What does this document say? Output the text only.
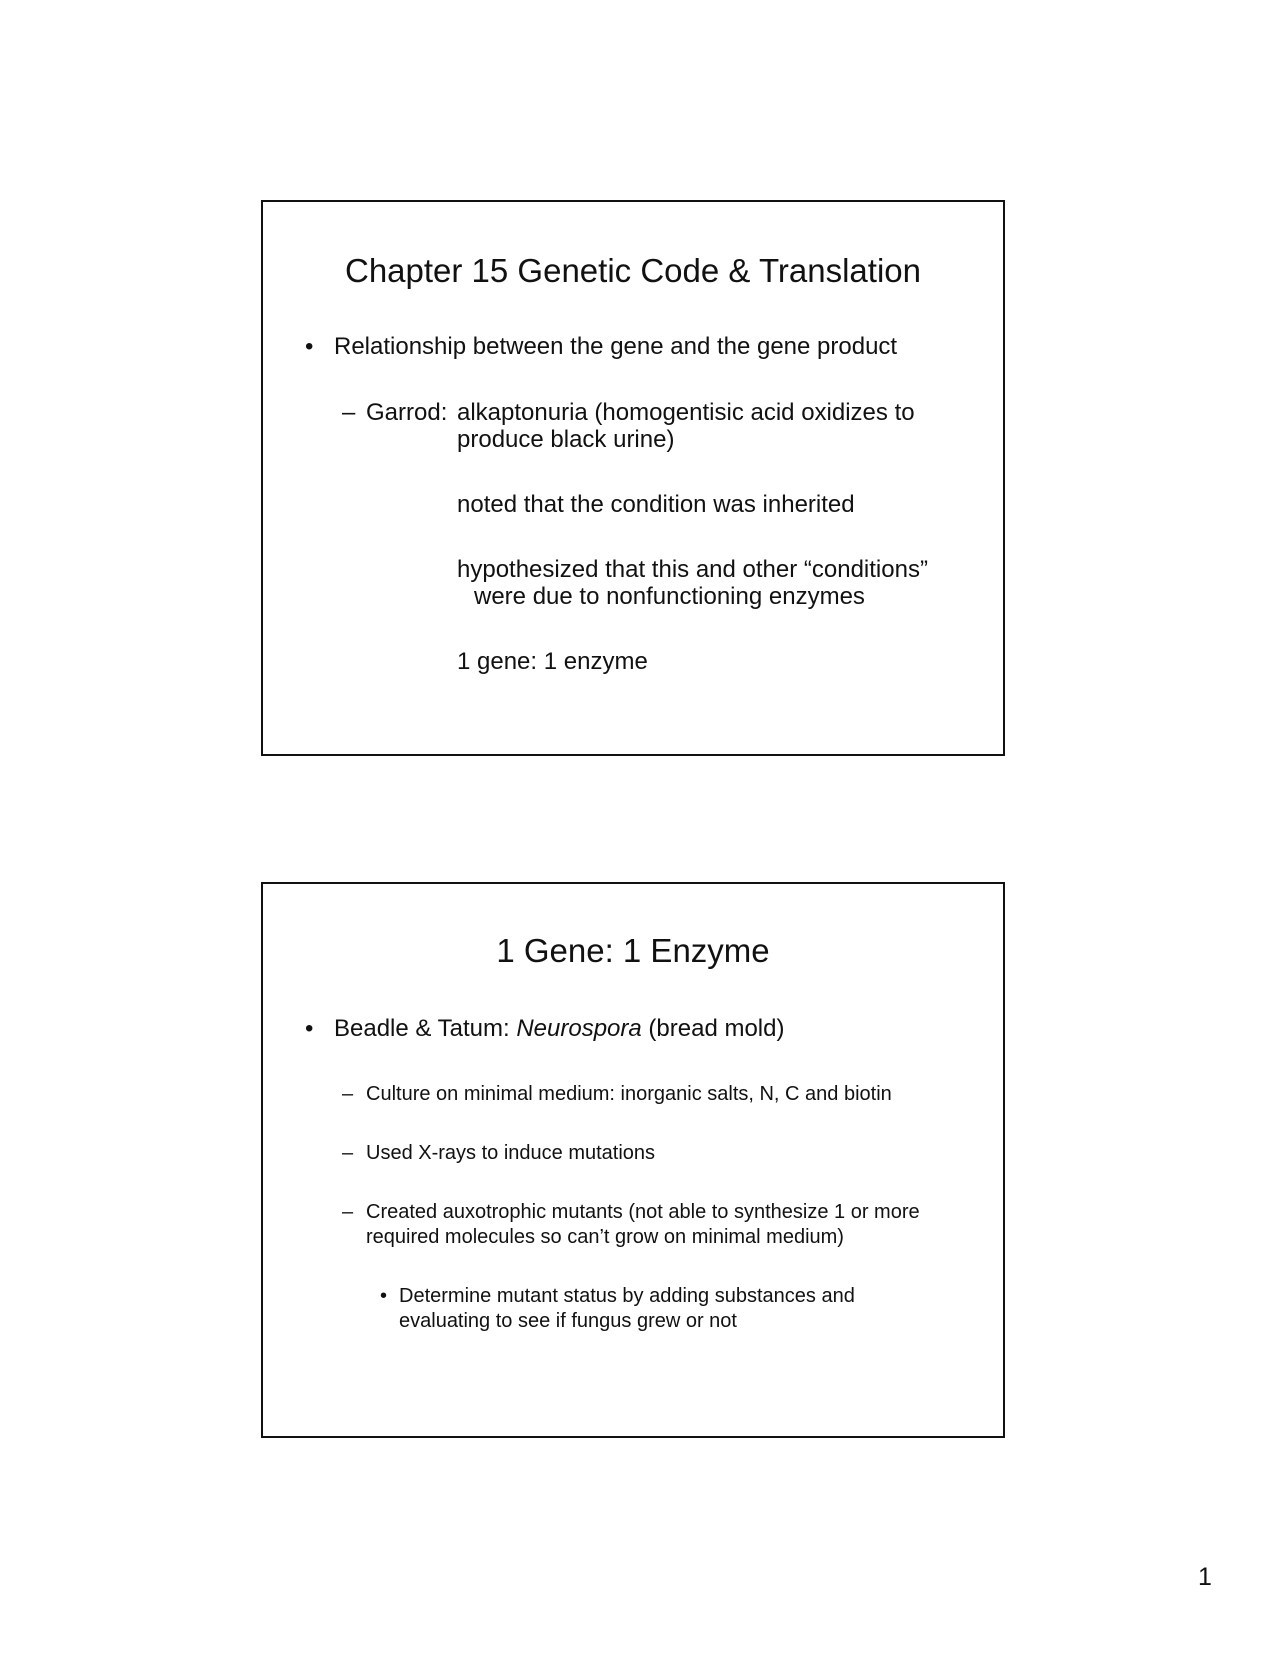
Chapter 15 Genetic Code & Translation
• Relationship between the gene and the gene product
– Garrod: alkaptonuria (homogentisic acid oxidizes to
produce black urine)
noted that the condition was inherited
hypothesized that this and other “conditions”
were due to nonfunctioning enzymes
1 gene: 1 enzyme
1 Gene: 1 Enzyme
• Beadle & Tatum: Neurospora (bread mold)
– Culture on minimal medium: inorganic salts, N, C and biotin
– Used X-rays to induce mutations
– Created auxotrophic mutants (not able to synthesize 1 or more
required molecules so can’t grow on minimal medium)
• Determine mutant status by adding substances and
evaluating to see if fungus grew or not
1
